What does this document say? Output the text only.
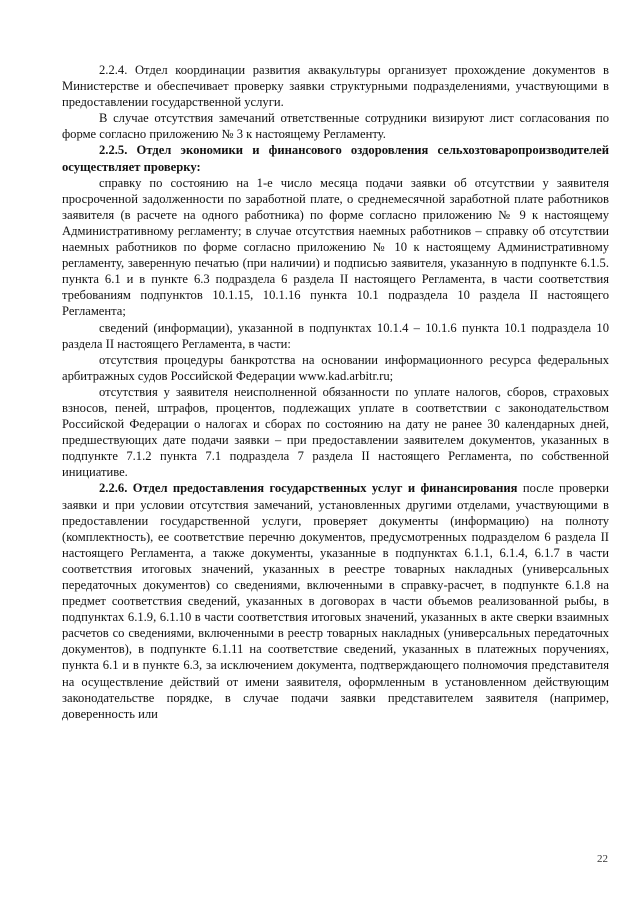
2.2.4. Отдел координации развития аквакультуры организует прохождение документов в Министерстве и обеспечивает проверку заявки структурными подразделениями, участвующими в предоставлении государственной услуги.

В случае отсутствия замечаний ответственные сотрудники визируют лист согласования по форме согласно приложению № 3 к настоящему Регламенту.

2.2.5. Отдел экономики и финансового оздоровления сельхозтоваропроизводителей осуществляет проверку:

справку по состоянию на 1-е число месяца подачи заявки об отсутствии у заявителя просроченной задолженности по заработной плате, о среднемесячной заработной плате работников заявителя (в расчете на одного работника) по форме согласно приложению № 9 к настоящему Административному регламенту; в случае отсутствия наемных работников – справку об отсутствии наемных работников по форме согласно приложению № 10 к настоящему Административному регламенту, заверенную печатью (при наличии) и подписью заявителя, указанную в подпункте 6.1.5. пункта 6.1 и в пункте 6.3 подраздела 6 раздела II настоящего Регламента, в части соответствия требованиям подпунктов 10.1.15, 10.1.16 пункта 10.1 подраздела 10 раздела II настоящего Регламента;

сведений (информации), указанной в подпунктах 10.1.4 – 10.1.6 пункта 10.1 подраздела 10 раздела II настоящего Регламента, в части:

отсутствия процедуры банкротства на основании информационного ресурса федеральных арбитражных судов Российской Федерации www.kad.arbitr.ru;

отсутствия у заявителя неисполненной обязанности по уплате налогов, сборов, страховых взносов, пеней, штрафов, процентов, подлежащих уплате в соответствии с законодательством Российской Федерации о налогах и сборах по состоянию на дату не ранее 30 календарных дней, предшествующих дате подачи заявки – при предоставлении заявителем документов, указанных в подпункте 7.1.2 пункта 7.1 подраздела 7 раздела II настоящего Регламента, по собственной инициативе.

2.2.6. Отдел предоставления государственных услуг и финансирования после проверки заявки и при условии отсутствия замечаний, установленных другими отделами, участвующими в предоставлении государственной услуги, проверяет документы (информацию) на полноту (комплектность), ее соответствие перечню документов, предусмотренных подразделом 6 раздела II настоящего Регламента, а также документы, указанные в подпунктах 6.1.1, 6.1.4, 6.1.7 в части соответствия итоговых значений, указанных в реестре товарных накладных (универсальных передаточных документов) со сведениями, включенными в справку-расчет, в подпункте 6.1.8 на предмет соответствия сведений, указанных в договорах в части объемов реализованной рыбы, в подпунктах 6.1.9, 6.1.10 в части соответствия итоговых значений, указанных в акте сверки взаимных расчетов со сведениями, включенными в реестр товарных накладных (универсальных передаточных документов), в подпункте 6.1.11 на соответствие сведений, указанных в платежных поручениях, пункта 6.1 и в пункте 6.3, за исключением документа, подтверждающего полномочия представителя на осуществление действий от имени заявителя, оформленным в установленном действующим законодательстве порядке, в случае подачи заявки представителем заявителя (например, доверенность или

22
